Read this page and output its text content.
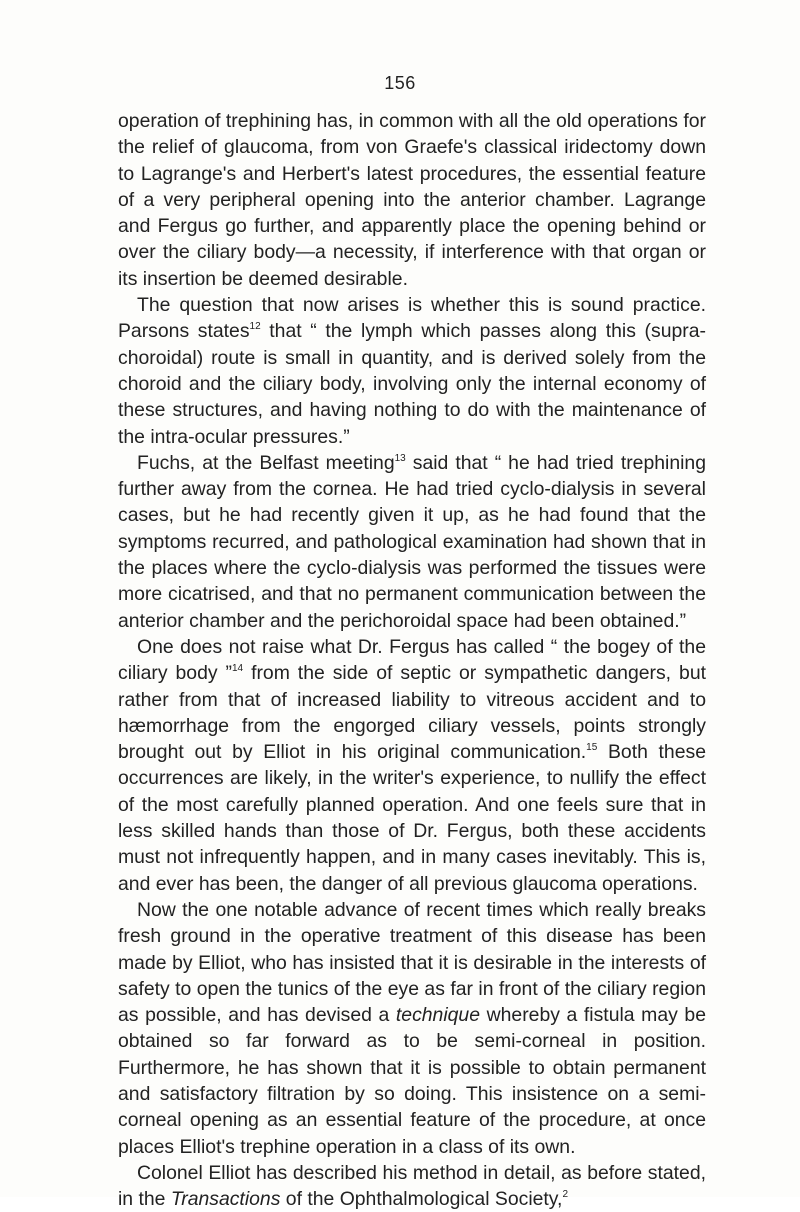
156

operation of trephining has, in common with all the old operations for the relief of glaucoma, from von Graefe's classical iridectomy down to Lagrange's and Herbert's latest procedures, the essential feature of a very peripheral opening into the anterior chamber. Lagrange and Fergus go further, and apparently place the opening behind or over the ciliary body—a necessity, if interference with that organ or its insertion be deemed desirable.

The question that now arises is whether this is sound practice. Parsons states$^{12}$ that “ the lymph which passes along this (supra-choroidal) route is small in quantity, and is derived solely from the choroid and the ciliary body, involving only the internal economy of these structures, and having nothing to do with the maintenance of the intra-ocular pressures.”

Fuchs, at the Belfast meeting$^{13}$ said that “ he had tried trephining further away from the cornea. He had tried cyclo-dialysis in several cases, but he had recently given it up, as he had found that the symptoms recurred, and pathological examination had shown that in the places where the cyclo-dialysis was performed the tissues were more cicatrised, and that no permanent communication between the anterior chamber and the perichoroidal space had been obtained.”

One does not raise what Dr. Fergus has called “ the bogey of the ciliary body ”$^{14}$ from the side of septic or sympathetic dangers, but rather from that of increased liability to vitreous accident and to hæmorrhage from the engorged ciliary vessels, points strongly brought out by Elliot in his original communication.$^{15}$ Both these occurrences are likely, in the writer's experience, to nullify the effect of the most carefully planned operation. And one feels sure that in less skilled hands than those of Dr. Fergus, both these accidents must not infrequently happen, and in many cases inevitably. This is, and ever has been, the danger of all previous glaucoma operations.

Now the one notable advance of recent times which really breaks fresh ground in the operative treatment of this disease has been made by Elliot, who has insisted that it is desirable in the interests of safety to open the tunics of the eye as far in front of the ciliary region as possible, and has devised a technique whereby a fistula may be obtained so far forward as to be semi-corneal in position. Furthermore, he has shown that it is possible to obtain permanent and satisfactory filtration by so doing. This insistence on a semi-corneal opening as an essential feature of the procedure, at once places Elliot's trephine operation in a class of its own.

Colonel Elliot has described his method in detail, as before stated, in the Transactions of the Ophthalmological Society,$^2$
